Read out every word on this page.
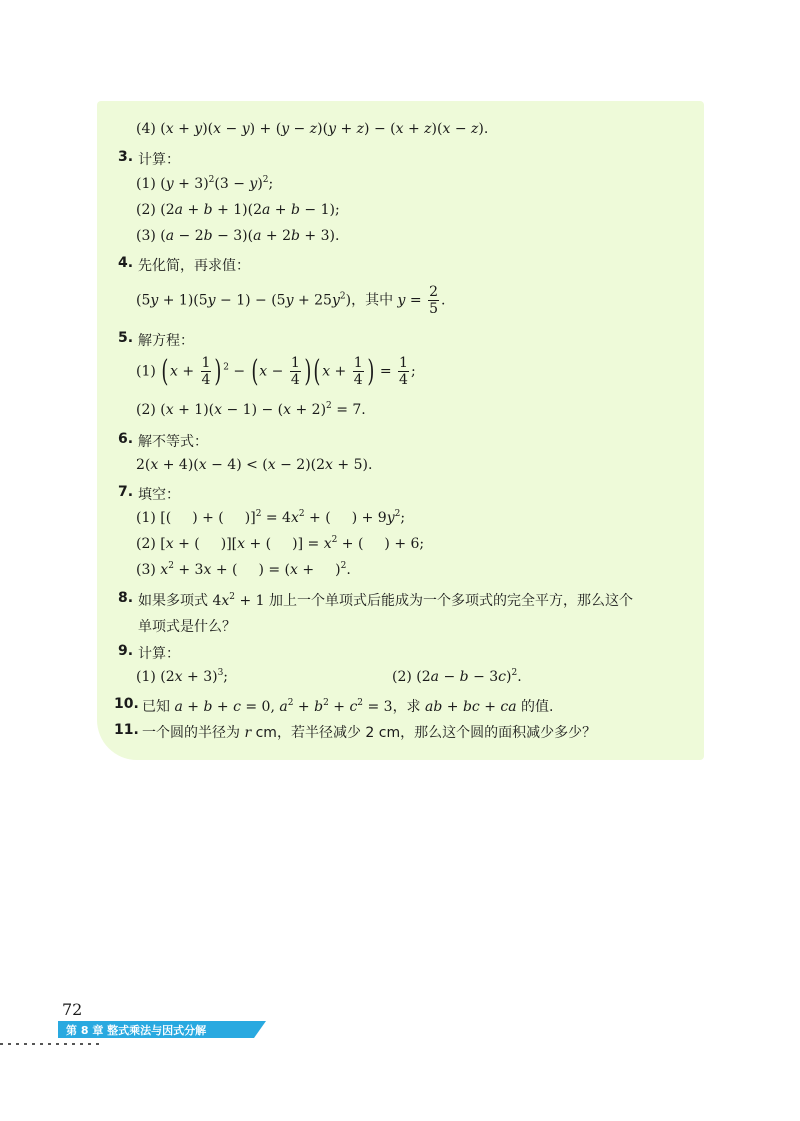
(4) (x + y)(x − y) + (y − z)(y + z) − (x + z)(x − z).
3. 计算：
(1) $(y + 3)^2(3 - y)^2$;
(2) (2a + b + 1)(2a + b − 1);
(3) (a − 2b − 3)(a + 2b + 3).
4. 先化简，再求值：
$(5y + 1)(5y - 1) - (5y + 25y^2)$，其中 $y = \frac{2}{5}$ .
5. 解方程：
(1) $(x + \frac{1}{4} )^2 - (x - \frac{1}{4} )(x + \frac{1}{4}$ ) = $\frac{1}{4}$ ;
(2) $(x + 1)(x - 1) - (x + 2)^2 = 7$.
6. 解不等式：
2(x + 4)(x − 4) < (x − 2)(2x + 5).
7. 填空：
(1) [(  ) + (  )]$^2 = 4x^2$ + (  ) + $9y^2$;
(2) [x + (  )][x + (  )] = $x^2$ + (  ) + 6;
(3) $x^2 + 3x$ + (  ) = (x +  )$^2$.
8. 如果多项式 $4x^2 + 1$ 加上一个单项式后能成为一个多项式的完全平方，那么这个
单项式是什么？
9. 计算：
(1) $(2x + 3)^3$;	(2) $(2a - b - 3c)^2$.
10. 已知 a + b + c = 0, $a^2 + b^2 + c^2 = 3$，求 ab + bc + ca 的值.
11. 一个圆的半径为 r cm，若半径减少 2 cm，那么这个圆的面积减少多少？
72
第 8 章 整式乘法与因式分解
